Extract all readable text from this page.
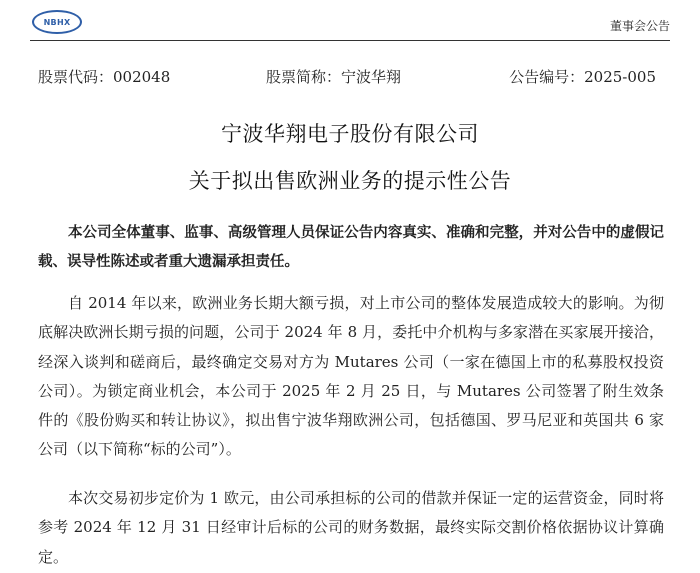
NBHX	董事会公告
股票代码：002048	股票简称：宁波华翔	公告编号：2025-005
宁波华翔电子股份有限公司
关于拟出售欧洲业务的提示性公告
本公司全体董事、监事、高级管理人员保证公告内容真实、准确和完整，并对公告中的虚假记载、误导性陈述或者重大遗漏承担责任。

自 2014 年以来，欧洲业务长期大额亏损，对上市公司的整体发展造成较大的影响。为彻底解决欧洲长期亏损的问题，公司于 2024 年 8 月，委托中介机构与多家潜在买家展开接洽，经深入谈判和磋商后，最终确定交易对方为 Mutares 公司（一家在德国上市的私募股权投资公司）。为锁定商业机会，本公司于 2025 年 2 月 25 日，与 Mutares 公司签署了附生效条件的《股份购买和转让协议》，拟出售宁波华翔欧洲公司，包括德国、罗马尼亚和英国共 6 家公司（以下简称“标的公司”）。

本次交易初步定价为 1 欧元，由公司承担标的公司的借款并保证一定的运营资金，同时将参考 2024 年 12 月 31 日经审计后标的公司的财务数据，最终实际交割价格依据协议计算确定。
